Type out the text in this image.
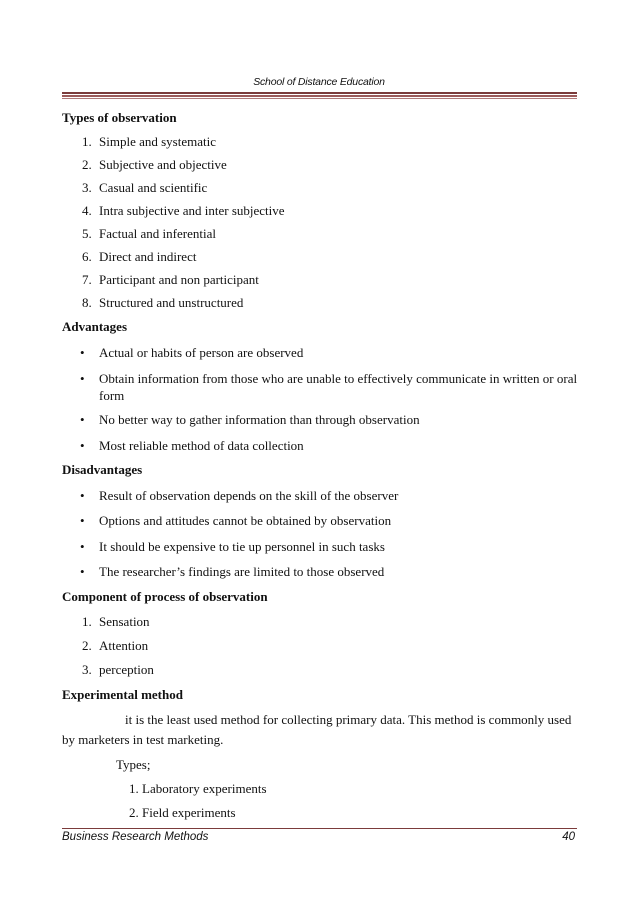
School of Distance Education
Types of observation
1. Simple and systematic
2. Subjective and objective
3. Casual and scientific
4. Intra subjective and inter subjective
5. Factual and inferential
6. Direct and indirect
7. Participant and non participant
8. Structured and unstructured
Advantages
• Actual or habits of person are observed
• Obtain information from those who are unable to effectively communicate in written or oral
form
• No better way to gather information than through observation
• Most reliable method of data collection
Disadvantages
• Result of observation depends on the skill of the observer
• Options and attitudes cannot be obtained by observation
• It should be expensive to tie up personnel in such tasks
• The researcher’s findings are limited to those observed
Component of process of observation
1. Sensation
2. Attention
3. perception
Experimental method
it is the least used method for collecting primary data. This method is commonly used
by marketers in test marketing.
Types;
1. Laboratory experiments
2. Field experiments
Business Research Methods	40
